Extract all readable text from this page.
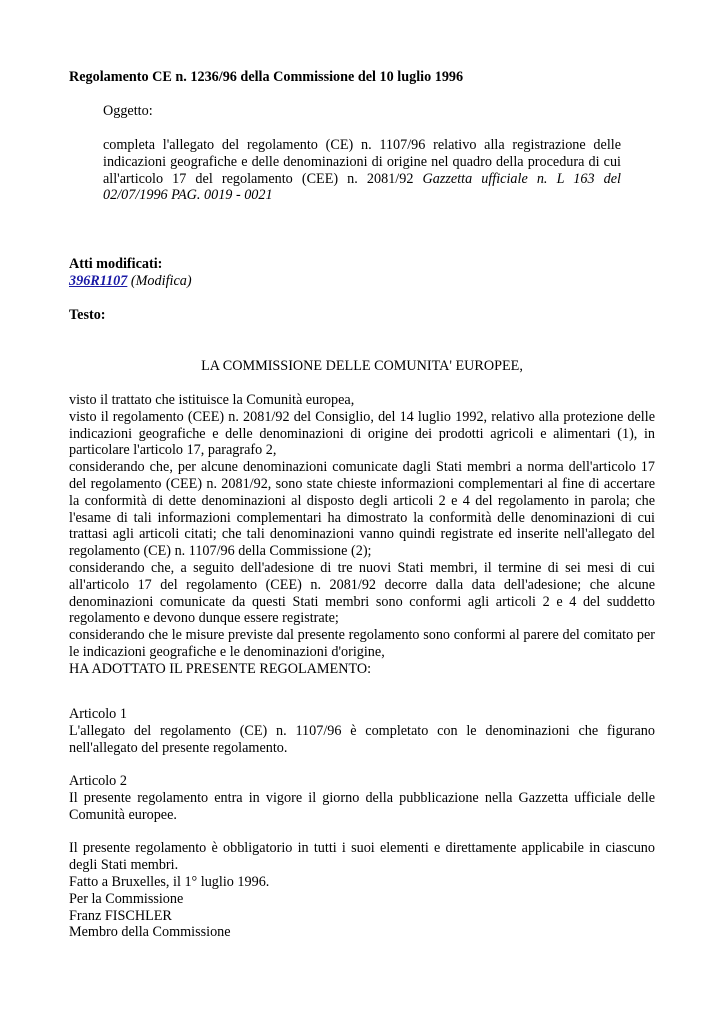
Regolamento CE n. 1236/96 della Commissione del 10 luglio 1996
Oggetto:
completa l'allegato del regolamento (CE) n. 1107/96 relativo alla registrazione delle indicazioni geografiche e delle denominazioni di origine nel quadro della procedura di cui all'articolo 17 del regolamento (CEE) n. 2081/92 Gazzetta ufficiale n. L 163 del 02/07/1996 PAG. 0019 - 0021
Atti modificati:
396R1107 (Modifica)
Testo:
LA COMMISSIONE DELLE COMUNITA' EUROPEE,
visto il trattato che istituisce la Comunità europea,
visto il regolamento (CEE) n. 2081/92 del Consiglio, del 14 luglio 1992, relativo alla protezione delle indicazioni geografiche e delle denominazioni di origine dei prodotti agricoli e alimentari (1), in particolare l'articolo 17, paragrafo 2,
considerando che, per alcune denominazioni comunicate dagli Stati membri a norma dell'articolo 17 del regolamento (CEE) n. 2081/92, sono state chieste informazioni complementari al fine di accertare la conformità di dette denominazioni al disposto degli articoli 2 e 4 del regolamento in parola; che l'esame di tali informazioni complementari ha dimostrato la conformità delle denominazioni di cui trattasi agli articoli citati; che tali denominazioni vanno quindi registrate ed inserite nell'allegato del regolamento (CE) n. 1107/96 della Commissione (2);
considerando che, a seguito dell'adesione di tre nuovi Stati membri, il termine di sei mesi di cui all'articolo 17 del regolamento (CEE) n. 2081/92 decorre dalla data dell'adesione; che alcune denominazioni comunicate da questi Stati membri sono conformi agli articoli 2 e 4 del suddetto regolamento e devono dunque essere registrate;
considerando che le misure previste dal presente regolamento sono conformi al parere del comitato per le indicazioni geografiche e le denominazioni d'origine,
HA ADOTTATO IL PRESENTE REGOLAMENTO:
Articolo 1
L'allegato del regolamento (CE) n. 1107/96 è completato con le denominazioni che figurano nell'allegato del presente regolamento.
Articolo 2
Il presente regolamento entra in vigore il giorno della pubblicazione nella Gazzetta ufficiale delle Comunità europee.
Il presente regolamento è obbligatorio in tutti i suoi elementi e direttamente applicabile in ciascuno degli Stati membri.
Fatto a Bruxelles, il 1° luglio 1996.
Per la Commissione
Franz FISCHLER
Membro della Commissione
